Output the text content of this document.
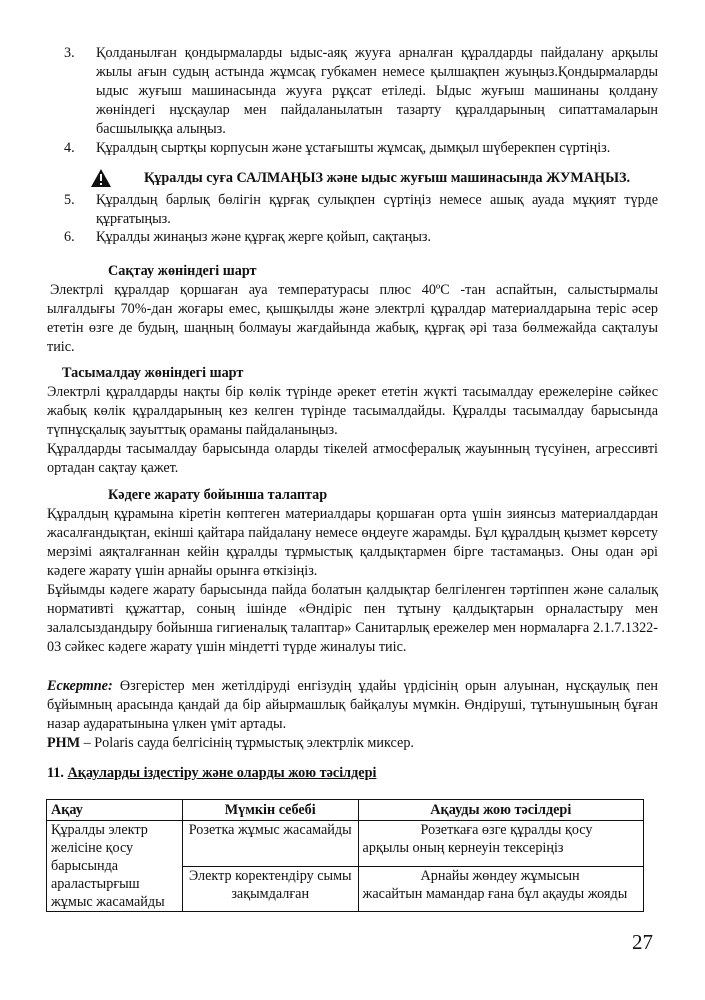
3. Қолданылған қондырмаларды ыдыс-аяқ жууға арналған құралдарды пайдалану арқылы жылы ағын судың астында жұмсақ губкамен немесе қылшақпен жуыңыз.Қондырмаларды ыдыс жуғыш машинасында жууға рұқсат етіледі. Ыдыс жуғыш машинаны қолдану жөніндегі нұсқаулар мен пайдаланылатын тазарту құралдарының сипаттамаларын басшылыққа алыңыз.

4. Құралдың сыртқы корпусын және ұстағышты жұмсақ, дымқыл шүберекпен сүртіңіз.

Құралды суға САЛМАҢЫЗ және ыдыс жуғыш машинасында ЖУМАҢЫЗ.
5. Құралдың барлық бөлігін құрғақ сулықпен сүртіңіз немесе ашық ауада мұқият түрде құрғатыңыз.

6. Құралды жинаңыз және құрғақ жерге қойып, сақтаңыз.

Сақтау жөніндегі шарт

Электрлі құралдар қоршаған ауа температурасы плюс 40ºС -тан аспайтын, салыстырмалы ылғалдығы 70%-дан жоғары емес, қышқылды және электрлі құралдар материалдарына теріс әсер ететін өзге де будың, шаңның болмауы жағдайында жабық, құрғақ әрі таза бөлмежайда сақталуы тиіс.

Тасымалдау жөніндегі шарт

Электрлі құралдарды нақты бір көлік түрінде әрекет ететін жүкті тасымалдау ережелеріне сәйкес жабық көлік құралдарының кез келген түрінде тасымалдайды. Құралды тасымалдау барысында түпнұсқалық зауыттық ораманы пайдаланыңыз.

Құралдарды тасымалдау барысында оларды тікелей атмосфералық жауынның түсуінен, агрессивті ортадан сақтау қажет.

Кәдеге жарату бойынша талаптар

Құралдың құрамына кіретін көптеген материалдары қоршаған орта үшін зиянсыз материалдардан жасалғандықтан, екінші қайтара пайдалану немесе өңдеуге жарамды. Бұл құралдың қызмет көрсету мерзімі аяқталғаннан кейін құралды тұрмыстық қалдықтармен бірге тастамаңыз. Оны одан әрі кәдеге жарату үшін арнайы орынға өткізіңіз.

Бұйымды кәдеге жарату барысында пайда болатын қалдықтар белгіленген тәртіппен және салалық нормативті құжаттар, соның ішінде «Өндіріс пен тұтыну қалдықтарын орналастыру мен залалсыздандыру бойынша гигиеналық талаптар» Санитарлық ережелер мен нормаларға 2.1.7.1322-03 сәйкес кәдеге жарату үшін міндетті түрде жиналуы тиіс.

Ескертпе: Өзгерістер мен жетілдіруді енгізудің ұдайы үрдісінің орын алуынан, нұсқаулық пен бұйымның арасында қандай да бір айырмашлық байқалуы мүмкін. Өндіруші, тұтынушының бұған назар аударатынына үлкен үміт артады.

РНМ – Polaris сауда белгісінің тұрмыстық электрлік миксер.

11. Ақауларды іздестіру және оларды жою тәсілдері
Ақау	Мүмкін себебі	Ақауды жою тәсілдері
Құралды электр желісіне қосу барысында араластырғыш жұмыс жасамайды	Розетка жұмыс жасамайды	Розеткаға өзге құралды қосу арқылы оның кернеуін тексеріңіз

	Электр коректендіру сымы зақымдалған	Арнайы жөндеу жұмысын жасайтын мамандар ғана бұл ақауды жояды
27
